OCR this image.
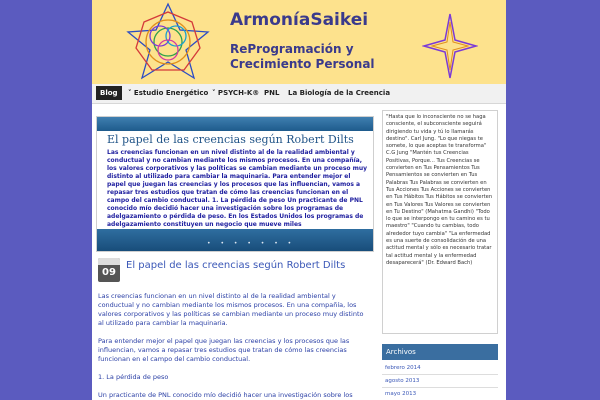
ArmoníaSaikei
ReProgramación y Crecimiento Personal
Blog	˅ Estudio Energético ˅ PSYCH-K® PNL La Biología de la Creencia
El papel de las creencias según Robert Dilts
Las creencias funcionan en un nivel distinto al de la realidad ambiental y conductual y no cambian mediante los mismos procesos. En una compañía, los valores corporativos y las políticas se cambian mediante un proceso muy distinto al utilizado para cambiar la maquinaria. Para entender mejor el papel que juegan las creencias y los procesos que las influencian, vamos a repasar tres estudios que tratan de cómo las creencias funcionan en el campo del cambio conductual. 1. La pérdida de peso Un practicante de PNL conocido mío decidió hacer una investigación sobre los programas de adelgazamiento o pérdida de peso. En los Estados Unidos los programas de adelgazamiento constituyen un negocio que mueve miles
• • • • • • •
09
El papel de las creencias según Robert Dilts

Las creencias funcionan en un nivel distinto al de la realidad ambiental y conductual y no cambian mediante los mismos procesos. En una compañía, los valores corporativos y las políticas se cambian mediante un proceso muy distinto al utilizado para cambiar la maquinaria.

Para entender mejor el papel que juegan las creencias y los procesos que las influencian, vamos a repasar tres estudios que tratan de cómo las creencias funcionan en el campo del cambio conductual.

1. La pérdida de peso

Un practicante de PNL conocido mío decidió hacer una investigación sobre los

"Hasta que lo inconsciente no se haga consciente, el subconsciente seguirá dirigiendo tu vida y tú lo llamarás destino". Carl Jung. "Lo que niegas te somete, lo que aceptas te transforma" C.G Jung "Mantén tus Creencias Positivas, Porque... Tus Creencias se convierten en Tus Pensamientos Tus Pensamientos se convierten en Tus Palabras Tus Palabras se convierten en Tus Acciones Tus Acciones se convierten en Tus Hábitos Tus Hábitos se convierten en Tus Valores Tus Valores se convierten en Tu Destino" (Mahatma Gandhi) "Todo lo que se interpongo en tu camino es tu maestro" "Cuando tu cambias, todo alrededor tuyo cambia" "La enfermedad es una suerte de consolidación de una actitud mental y sólo es necesario tratar tal actitud mental y la enfermedad desaparecerá" (Dr. Edward Bach)
Archivos
febrero 2014
agosto 2013
mayo 2013
